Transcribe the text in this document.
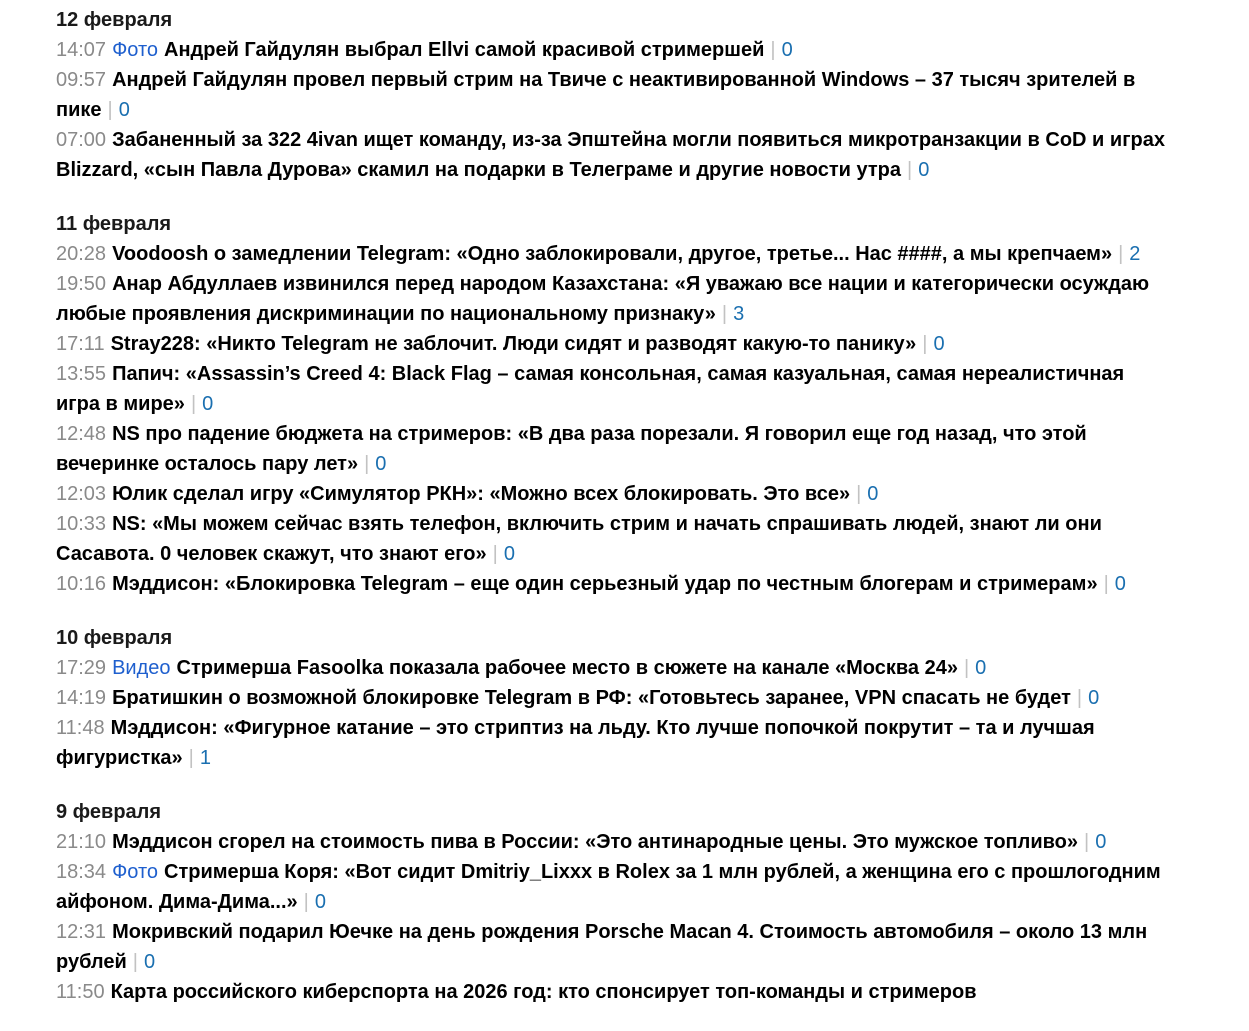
12 февраля
14:07 Фото Андрей Гайдулян выбрал Ellvi самой красивой стримершей | 0
09:57 Андрей Гайдулян провел первый стрим на Твиче с неактивированной Windows – 37 тысяч зрителей в пике | 0
07:00 Забаненный за 322 4ivan ищет команду, из-за Эпштейна могли появиться микротранзакции в CoD и играх Blizzard, «сын Павла Дурова» скамил на подарки в Телеграме и другие новости утра | 0
11 февраля
20:28 Voodoosh о замедлении Telegram: «Одно заблокировали, другое, третье... Нас ####, а мы крепчаем» | 2
19:50 Анар Абдуллаев извинился перед народом Казахстана: «Я уважаю все нации и категорически осуждаю любые проявления дискриминации по национальному признаку» | 3
17:11 Stray228: «Никто Telegram не заблочит. Люди сидят и разводят какую-то панику» | 0
13:55 Папич: «Assassin’s Creed 4: Black Flag – самая консольная, самая казуальная, самая нереалистичная игра в мире» | 0
12:48 NS про падение бюджета на стримеров: «В два раза порезали. Я говорил еще год назад, что этой вечеринке осталось пару лет» | 0
12:03 Юлик сделал игру «Симулятор РКН»: «Можно всех блокировать. Это все» | 0
10:33 NS: «Мы можем сейчас взять телефон, включить стрим и начать спрашивать людей, знают ли они Сасавота. 0 человек скажут, что знают его» | 0
10:16 Мэддисон: «Блокировка Telegram – еще один серьезный удар по честным блогерам и стримерам» | 0
10 февраля
17:29 Видео Стримерша Fasoolka показала рабочее место в сюжете на канале «Москва 24» | 0
14:19 Братишкин о возможной блокировке Telegram в РФ: «Готовьтесь заранее, VPN спасать не будет | 0
11:48 Мэддисон: «Фигурное катание – это стриптиз на льду. Кто лучше попочкой покрутит – та и лучшая фигуристка» | 1
9 февраля
21:10 Мэддисон сгорел на стоимость пива в России: «Это антинародные цены. Это мужское топливо» | 0
18:34 Фото Стримерша Коря: «Вот сидит Dmitriy_Lixxx в Rolex за 1 млн рублей, а женщина его с прошлогодним айфоном. Дима-Дима...» | 0
12:31 Мокривский подарил Юечке на день рождения Porsche Macan 4. Стоимость автомобиля – около 13 млн рублей | 0
11:50 Карта российского киберспорта на 2026 год: кто спонсирует топ-команды и стримеров
